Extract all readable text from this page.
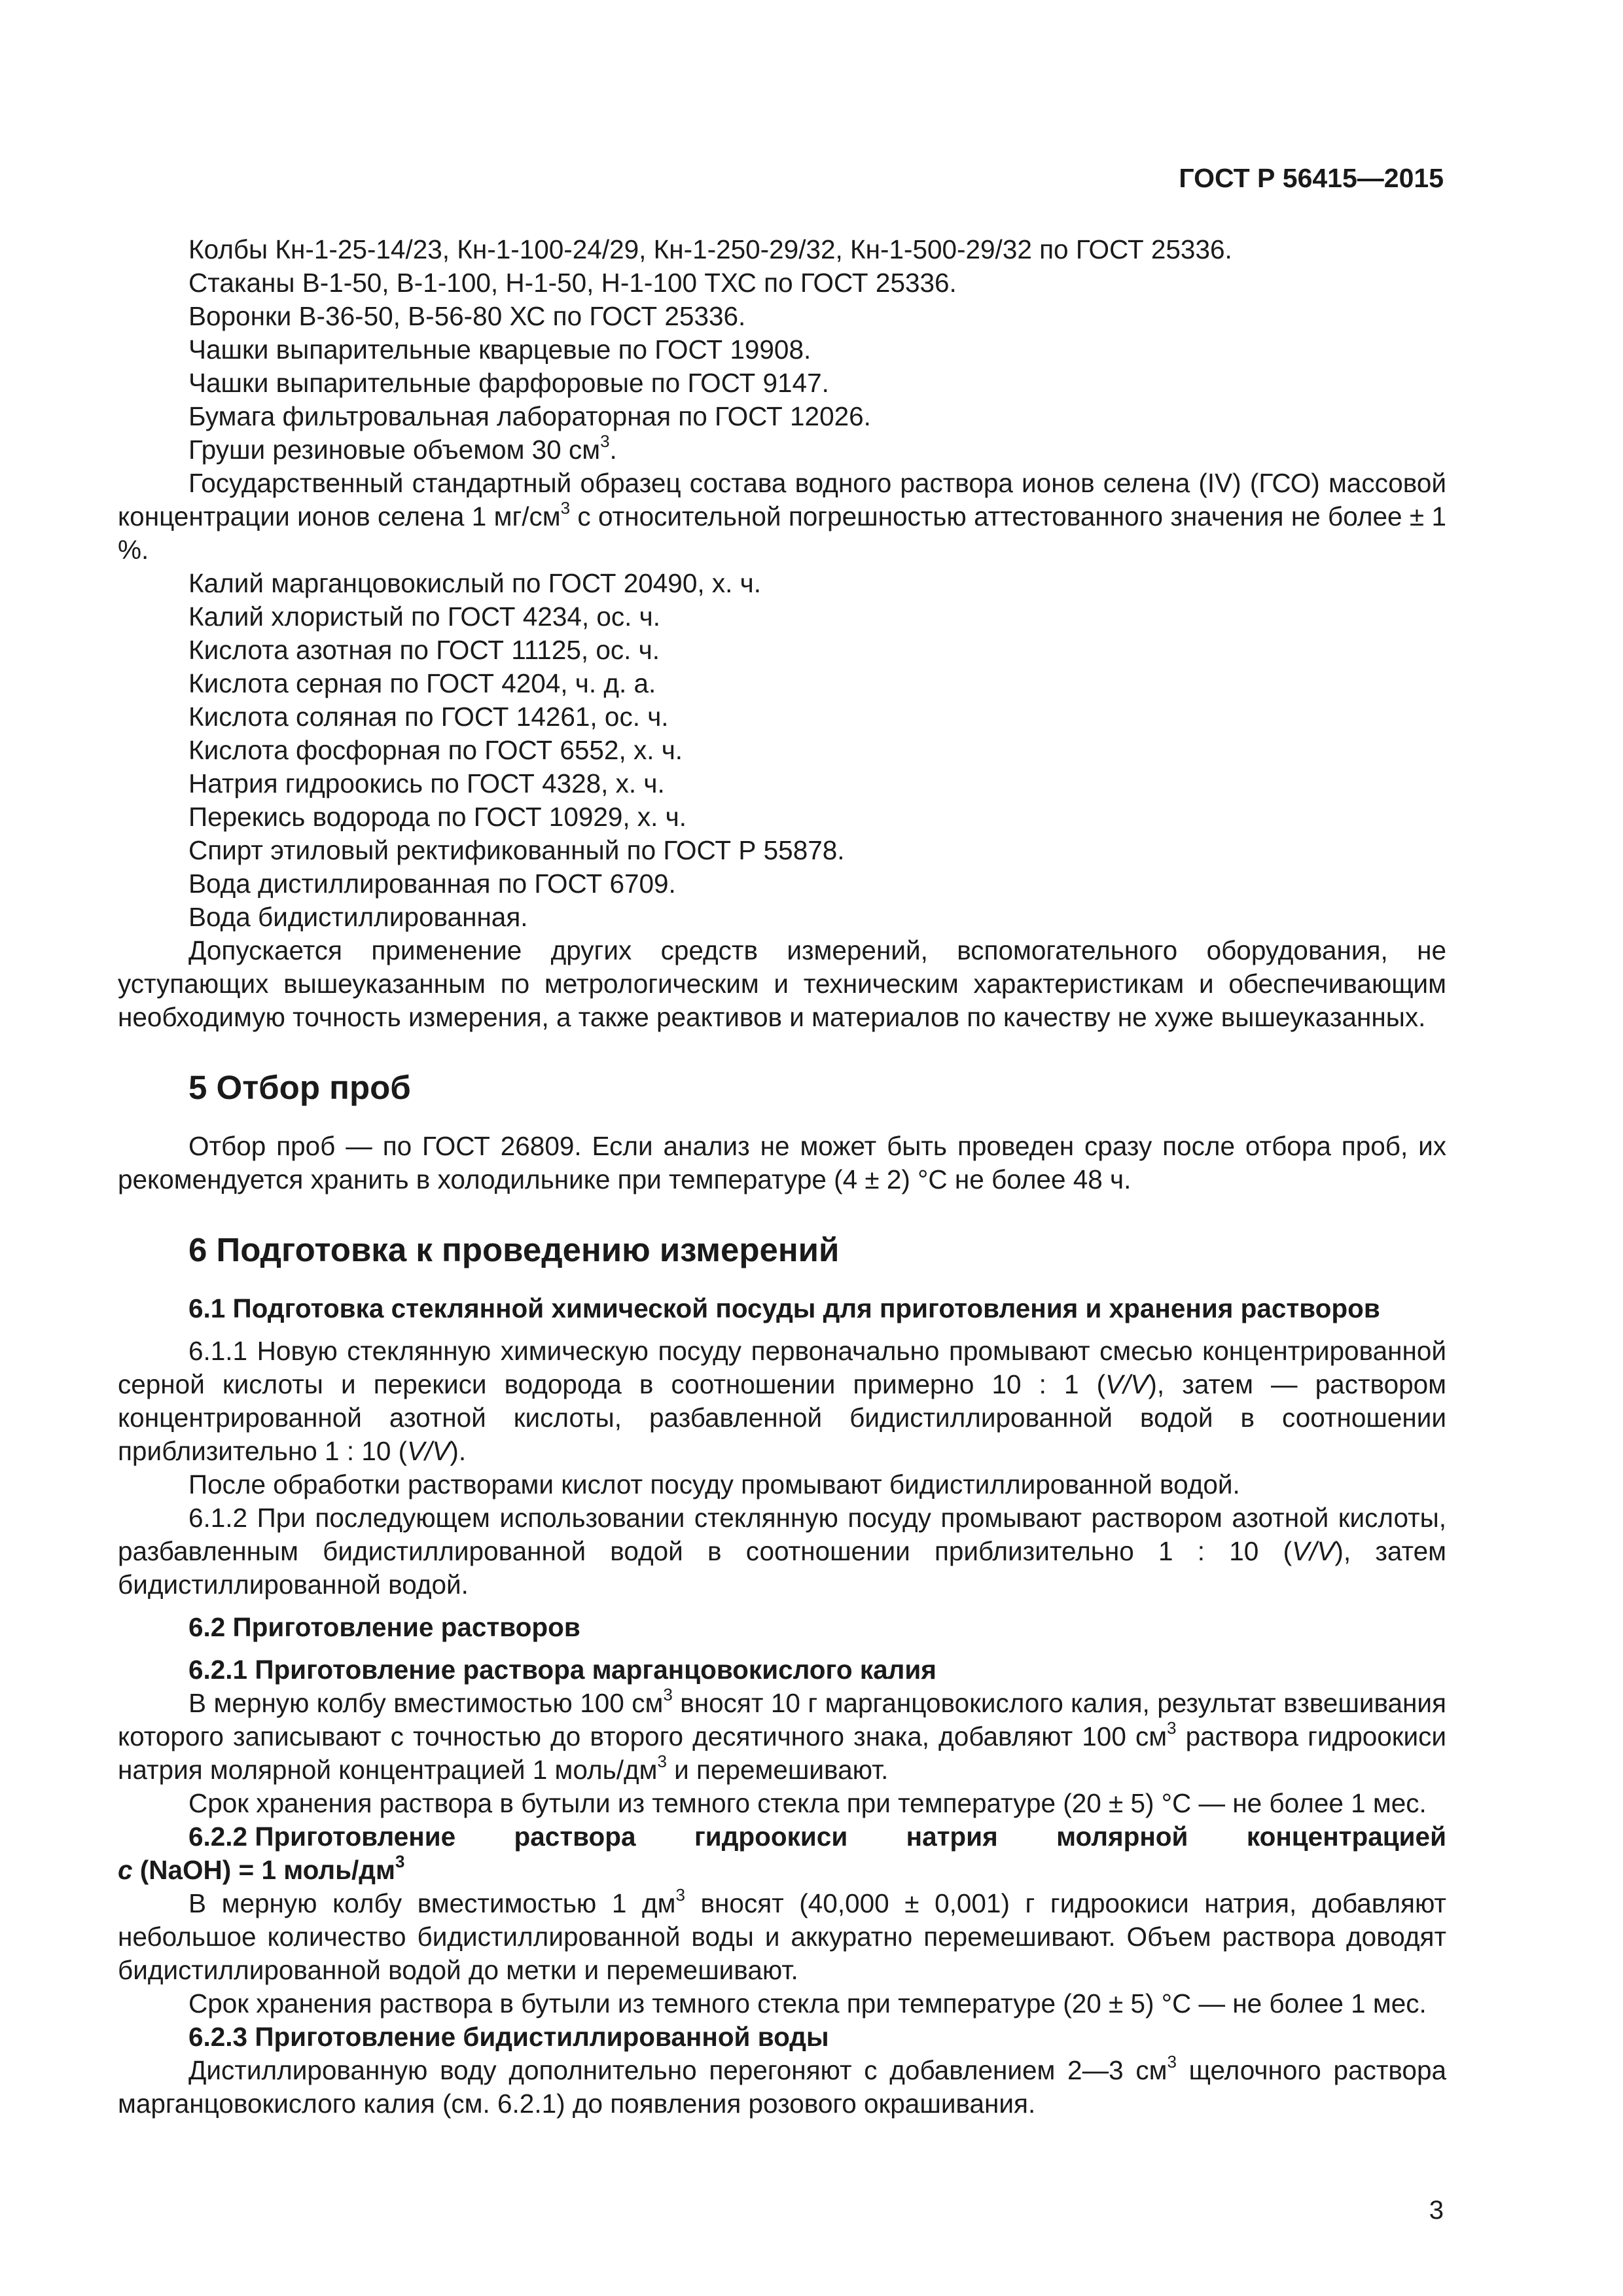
ГОСТ Р 56415—2015

Колбы Кн-1-25-14/23, Кн-1-100-24/29, Кн-1-250-29/32, Кн-1-500-29/32 по ГОСТ 25336.

Стаканы В-1-50, В-1-100, Н-1-50, Н-1-100 ТХС по ГОСТ 25336.

Воронки В-36-50, В-56-80 ХС по ГОСТ 25336.

Чашки выпарительные кварцевые по ГОСТ 19908.

Чашки выпарительные фарфоровые по ГОСТ 9147.

Бумага фильтровальная лабораторная по ГОСТ 12026.

Груши резиновые объемом 30 $см^3$.

Государственный стандартный образец состава водного раствора ионов селена (IV) (ГСО) массовой концентрации ионов селена 1 $мг/см^3$ с относительной погрешностью аттестованного значения не более ± 1 %.

Калий марганцовокислый по ГОСТ 20490, х. ч.

Калий хлористый по ГОСТ 4234, ос. ч.

Кислота азотная по ГОСТ 11125, ос. ч.

Кислота серная по ГОСТ 4204, ч. д. а.

Кислота соляная по ГОСТ 14261, ос. ч.

Кислота фосфорная по ГОСТ 6552, х. ч.

Натрия гидроокись по ГОСТ 4328, х. ч.

Перекись водорода по ГОСТ 10929, х. ч.

Спирт этиловый ректификованный по ГОСТ Р 55878.

Вода дистиллированная по ГОСТ 6709.

Вода бидистиллированная.

Допускается применение других средств измерений, вспомогательного оборудования, не уступающих вышеуказанным по метрологическим и техническим характеристикам и обеспечивающим необходимую точность измерения, а также реактивов и материалов по качеству не хуже вышеуказанных.

5 Отбор проб

Отбор проб — по ГОСТ 26809. Если анализ не может быть проведен сразу после отбора проб, их рекомендуется хранить в холодильнике при температуре (4 ± 2) °С не более 48 ч.

6 Подготовка к проведению измерений

6.1 Подготовка стеклянной химической посуды для приготовления и хранения растворов

6.1.1 Новую стеклянную химическую посуду первоначально промывают смесью концентрированной серной кислоты и перекиси водорода в соотношении примерно 10 : 1 (V/V), затем — раствором концентрированной азотной кислоты, разбавленной бидистиллированной водой в соотношении приблизительно 1 : 10 (V/V).

После обработки растворами кислот посуду промывают бидистиллированной водой.

6.1.2 При последующем использовании стеклянную посуду промывают раствором азотной кислоты, разбавленным бидистиллированной водой в соотношении приблизительно 1 : 10 (V/V), затем бидистиллированной водой.

6.2 Приготовление растворов

6.2.1 Приготовление раствора марганцовокислого калия

В мерную колбу вместимостью 100 $см^3$ вносят 10 г марганцовокислого калия, результат взвешивания которого записывают с точностью до второго десятичного знака, добавляют 100 $см^3$ раствора гидроокиси натрия молярной концентрацией 1 моль/$дм^3$ и перемешивают.

Срок хранения раствора в бутыли из темного стекла при температуре (20 ± 5) °С — не более 1 мес.

6.2.2 Приготовление раствора гидроокиси натрия молярной концентрацией

c (NaOH) = 1 моль/$дм^3$

В мерную колбу вместимостью 1 $дм^3$ вносят (40,000 ± 0,001) г гидроокиси натрия, добавляют небольшое количество бидистиллированной воды и аккуратно перемешивают. Объем раствора доводят бидистиллированной водой до метки и перемешивают.

Срок хранения раствора в бутыли из темного стекла при температуре (20 ± 5) °С — не более 1 мес.

6.2.3 Приготовление бидистиллированной воды

Дистиллированную воду дополнительно перегоняют с добавлением 2—3 $см^3$ щелочного раствора марганцовокислого калия (см. 6.2.1) до появления розового окрашивания.

3
